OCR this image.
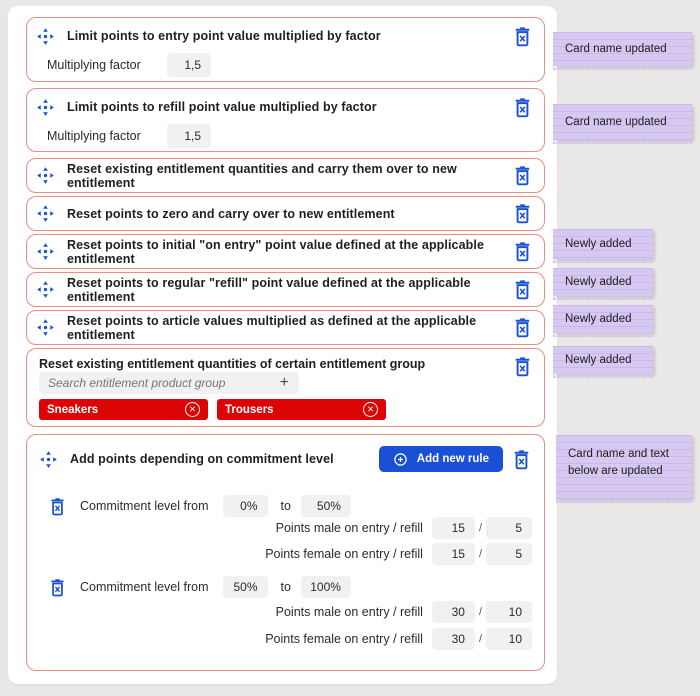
Limit points to entry point value multiplied by factor
Multiplying factor	1,5
Limit points to refill point value multiplied by factor
Multiplying factor	1,5
Reset existing entitlement quantities and carry them over to new entitlement
Reset points to zero and carry over to new entitlement
Reset points to initial "on entry" point value defined at the applicable entitlement
Reset points to regular "refill" point value defined at the applicable entitlement
Reset points to article values multiplied as defined at the applicable entitlement
Reset existing entitlement quantities of certain entitlement group
Search entitlement product group
+
Sneakers	✕	Trousers	✕
Add points depending on commitment level	Add new rule
Commitment level from	0%	to	50%
Points male on entry / refill	15	/	5
Points female on entry / refill	15	/	5
Commitment level from	50%	to	100%
Points male on entry / refill	30	/	10
Points female on entry / refill	30	/	10
Card name updated
Card name updated
Newly added
Newly added
Newly added
Newly added
Card name and text below are updated
